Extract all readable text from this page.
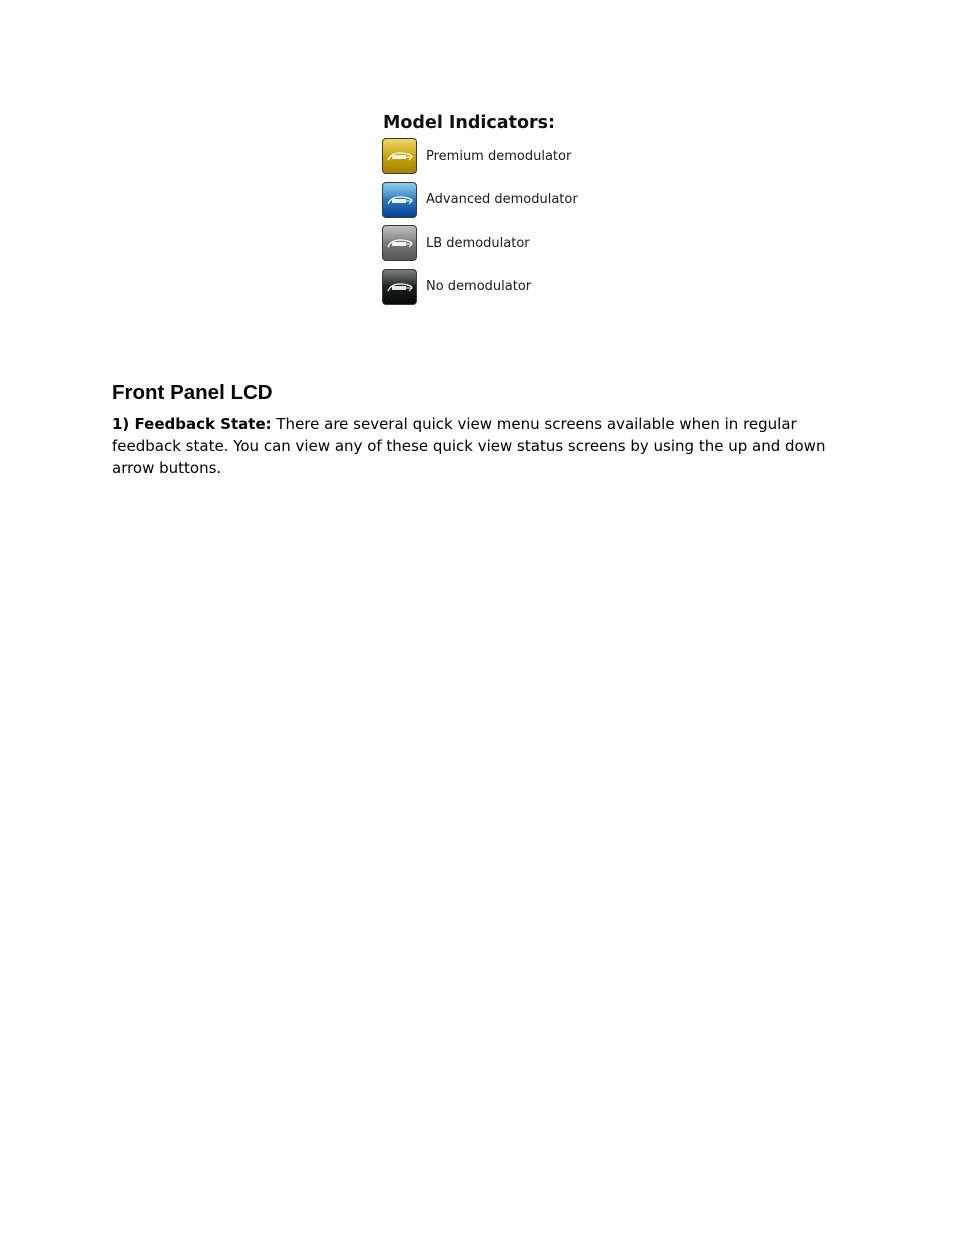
Model Indicators:
Premium demodulator
Advanced demodulator
LB demodulator
No demodulator
Front Panel LCD

1) Feedback State: There are several quick view menu screens available when in regular feedback state. You can view any of these quick view status screens by using the up and down arrow buttons.
